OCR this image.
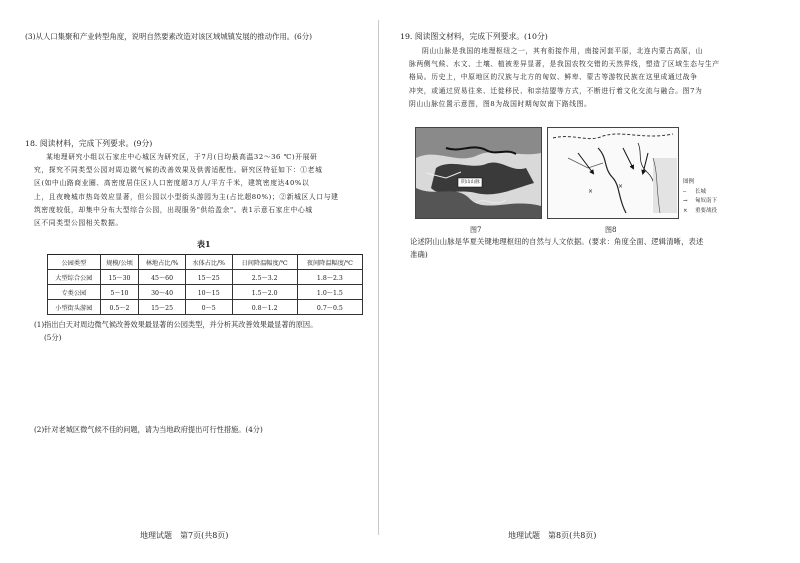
(3)从人口集聚和产业转型角度，说明自然要素改造对该区域城镇发展的推动作用。(6分)
18. 阅读材料，完成下列要求。(9分)
某地理研究小组以石家庄中心城区为研究区，于7月(日均最高温32～36 ℃)开展研
究，探究不同类型公园对周边微气候的改善效果及供需适配性。研究区特征如下：①老城
区(如中山路商业圈、高密度居住区)人口密度超3万人/平方千米，建筑密度达40%以
上，且夜晚城市热岛效应显著，但公园以小型街头游园为主(占比超80%)；②新城区人口与建
筑密度较低，却集中分布大型综合公园，出现服务"供给盈余"。表1示意石家庄中心城
区不同类型公园相关数据。
表1
公园类型	规模/公顷	林地占比/%	水体占比/%	日间降温幅度/℃	夜间降温幅度/℃
大型综合公园	15～30	45～60	15～25	2.5～3.2	1.8～2.3
专类公园	5～10	30～40	10～15	1.5～2.0	1.0～1.5
小型街头游园	0.5～2	15～25	0～5	0.8～1.2	0.7～0.5
(1)指出白天对周边微气候改善效果最显著的公园类型，并分析其改善效果最显著的原因。
(5分)
(2)针对老城区微气候不佳的问题，请为当地政府提出可行性措施。(4分)
地理试题　第7页(共8页)
19. 阅读图文材料，完成下列要求。(10分)
阴山山脉是我国的地理枢纽之一，其有衔接作用，南接河套平原，北连内蒙古高原，山
脉两侧气候、水文、土壤、植被差异显著，是我国农牧交错的天然界线，塑造了区域生态与生产
格局。历史上，中原地区的汉族与北方的匈奴、鲜卑、蒙古等游牧民族在这里成通过战争
冲突，或通过贸易往来、迁徙移民、和亲结盟等方式，不断进行着文化交流与融合。图7为
阴山山脉位置示意图，图8为战国时期匈奴南下路线图。
阴山山脉
×
×
图7	图8
图例
┄ 长城
→ 匈奴南下
× 重要战役
论述阴山山脉是华夏关键地理枢纽的自然与人文依据。(要求：角度全面、逻辑清晰，表述
准确)
地理试题　第8页(共8页)
